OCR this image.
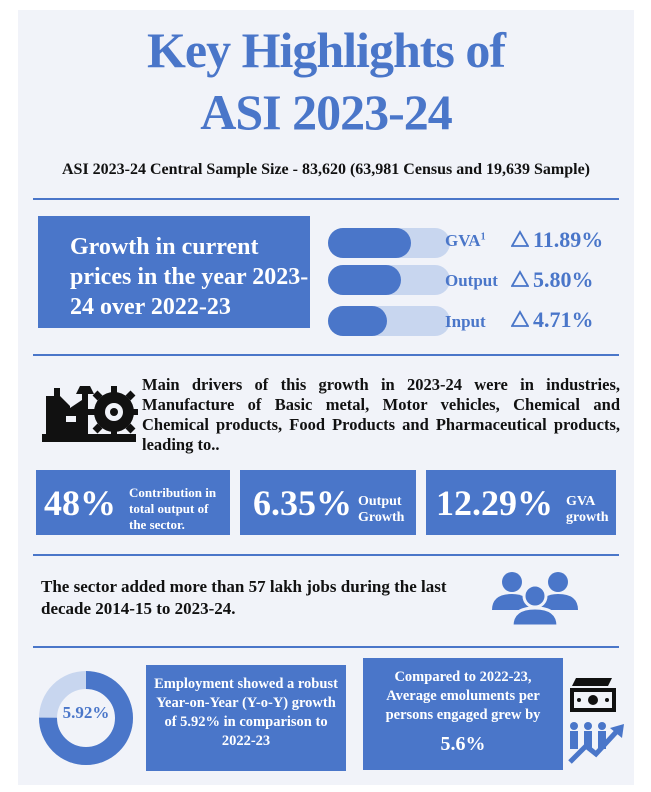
Key Highlights of
ASI 2023-24
ASI 2023-24 Central Sample Size - 83,620 (63,981 Census and 19,639 Sample)
Growth in current prices in the year 2023-24 over 2022-23
GVA$^1$	11.89%
Output	5.80%
Input	4.71%
Main drivers of this growth in 2023-24 were in industries, Manufacture of Basic metal, Motor vehicles, Chemical and Chemical products, Food Products and Pharmaceutical products, leading to..
48% Contribution in total output of the sector.
6.35% Output Growth 12.29% GVA growth
The sector added more than 57 lakh jobs during the last decade 2014-15 to 2023-24.
5.92%
Employment showed a robust Year-on-Year (Y-o-Y) growth of 5.92% in comparison to 2022-23
Compared to 2022-23, Average emoluments per persons engaged grew by
5.6%
